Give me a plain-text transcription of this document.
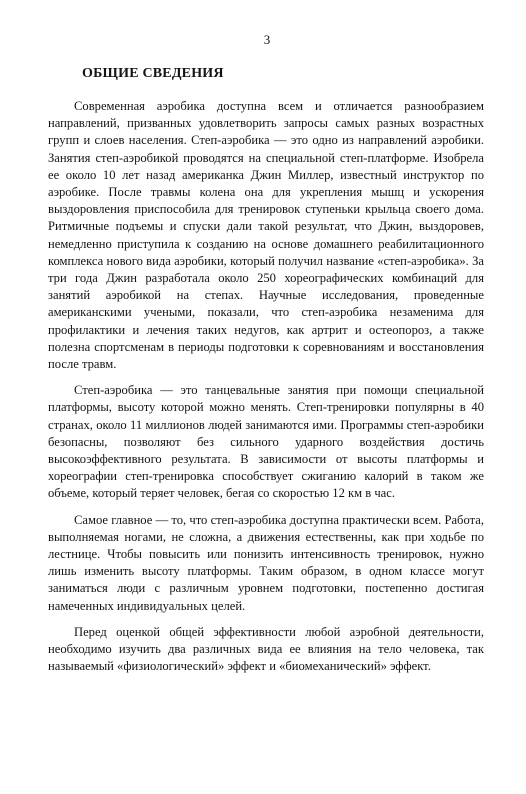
3
ОБЩИЕ СВЕДЕНИЯ

Современная аэробика доступна всем и отличается разнообразием направлений, призванных удовлетворить запросы самых разных возрастных групп и слоев населения. Степ-аэробика — это одно из направлений аэробики. Занятия степ-аэробикой проводятся на специальной степ-платформе. Изобрела ее около 10 лет назад американка Джин Миллер, известный инструктор по аэробике. После травмы колена она для укрепления мышц и ускорения выздоровления приспособила для тренировок ступеньки крыльца своего дома. Ритмичные подъемы и спуски дали такой результат, что Джин, выздоровев, немедленно приступила к созданию на основе домашнего реабилитационного комплекса нового вида аэробики, который получил название «степ-аэробика». За три года Джин разработала около 250 хореографических комбинаций для занятий аэробикой на степах. Научные исследования, проведенные американскими учеными, показали, что степ-аэробика незаменима для профилактики и лечения таких недугов, как артрит и остеопороз, а также полезна спортсменам в периоды подготовки к соревнованиям и восстановления после травм.

Степ-аэробика — это танцевальные занятия при помощи специальной платформы, высоту которой можно менять. Степ-тренировки популярны в 40 странах, около 11 миллионов людей занимаются ими. Программы степ-аэробики безопасны, позволяют без сильного ударного воздействия достичь высокоэффективного результата. В зависимости от высоты платформы и хореографии степ-тренировка способствует сжиганию калорий в таком же объеме, который теряет человек, бегая со скоростью 12 км в час.

Самое главное — то, что степ-аэробика доступна практически всем. Работа, выполняемая ногами, не сложна, а движения естественны, как при ходьбе по лестнице. Чтобы повысить или понизить интенсивность тренировок, нужно лишь изменить высоту платформы. Таким образом, в одном классе могут заниматься люди с различным уровнем подготовки, постепенно достигая намеченных индивидуальных целей.

Перед оценкой общей эффективности любой аэробной деятельности, необходимо изучить два различных вида ее влияния на тело человека, так называемый «физиологический» эффект и «биомеханический» эффект.
